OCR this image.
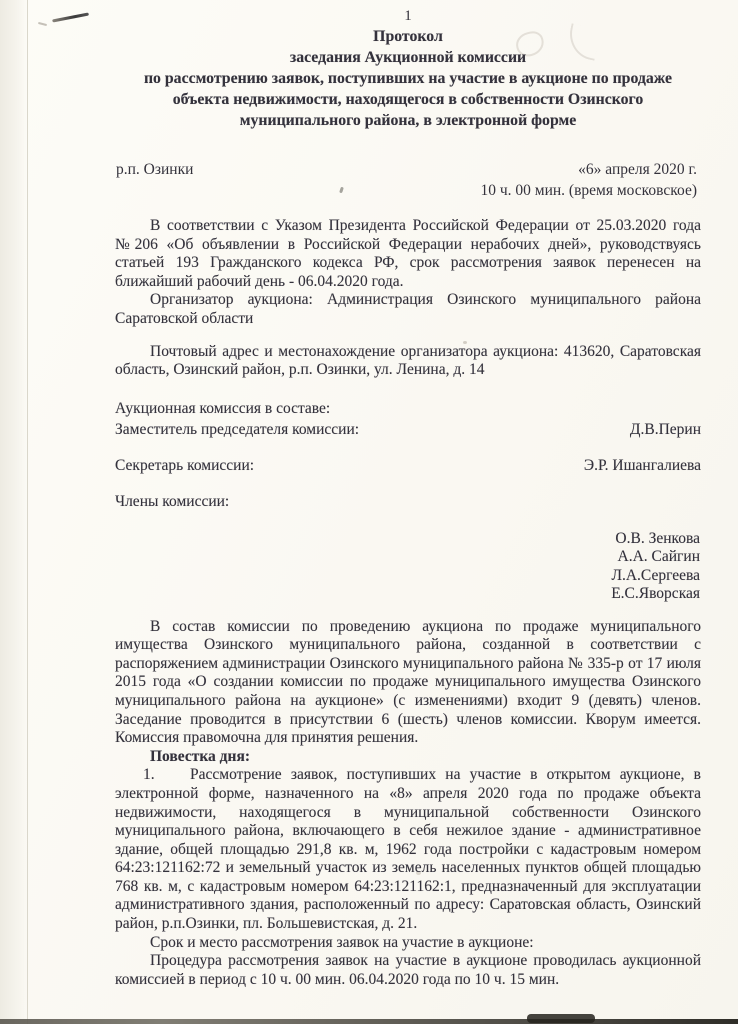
1
Протокол
заседания Аукционной комиссии
по рассмотрению заявок, поступивших на участие в аукционе по продаже
объекта недвижимости, находящегося в собственности Озинского
муниципального района, в электронной форме
р.п. Озинки	«6» апреля 2020 г.
10 ч. 00 мин. (время московское)

В соответствии с Указом Президента Российской Федерации от 25.03.2020 года №206 «Об объявлении в Российской Федерации нерабочих дней», руководствуясь статьей 193 Гражданского кодекса РФ, срок рассмотрения заявок перенесен на ближайший рабочий день - 06.04.2020 года.

Организатор аукциона: Администрация Озинского муниципального района Саратовской области

Почтовый адрес и местонахождение организатора аукциона: 413620, Саратовская область, Озинский район, р.п. Озинки, ул. Ленина, д. 14

Аукционная комиссия в составе:

Заместитель председателя комиссии:	Д.В.Перин
Секретарь комиссии:	Э.Р. Ишангалиева

Члены комиссии:

О.В. Зенкова
А.А. Сайгин
Л.А.Сергеева
Е.С.Яворская

В состав комиссии по проведению аукциона по продаже муниципального имущества Озинского муниципального района, созданной в соответствии с распоряжением администрации Озинского муниципального района № 335-р от 17 июля 2015 года «О создании комиссии по продаже муниципального имущества Озинского муниципального района на аукционе» (с изменениями) входит 9 (девять) членов. Заседание проводится в присутствии 6 (шесть) членов комиссии. Кворум имеется. Комиссия правомочна для принятия решения.

Повестка дня:

1. Рассмотрение заявок, поступивших на участие в открытом аукционе, в электронной форме, назначенного на «8» апреля 2020 года по продаже объекта недвижимости, находящегося в муниципальной собственности Озинского муниципального района, включающего в себя нежилое здание - административное здание, общей площадью 291,8 кв. м, 1962 года постройки с кадастровым номером 64:23:121162:72 и земельный участок из земель населенных пунктов общей площадью 768 кв. м, с кадастровым номером 64:23:121162:1, предназначенный для эксплуатации административного здания, расположенный по адресу: Саратовская область, Озинский район, р.п.Озинки, пл. Большевистская, д. 21.

Срок и место рассмотрения заявок на участие в аукционе:

Процедура рассмотрения заявок на участие в аукционе проводилась аукционной комиссией в период с 10 ч. 00 мин. 06.04.2020 года по 10 ч. 15 мин.
